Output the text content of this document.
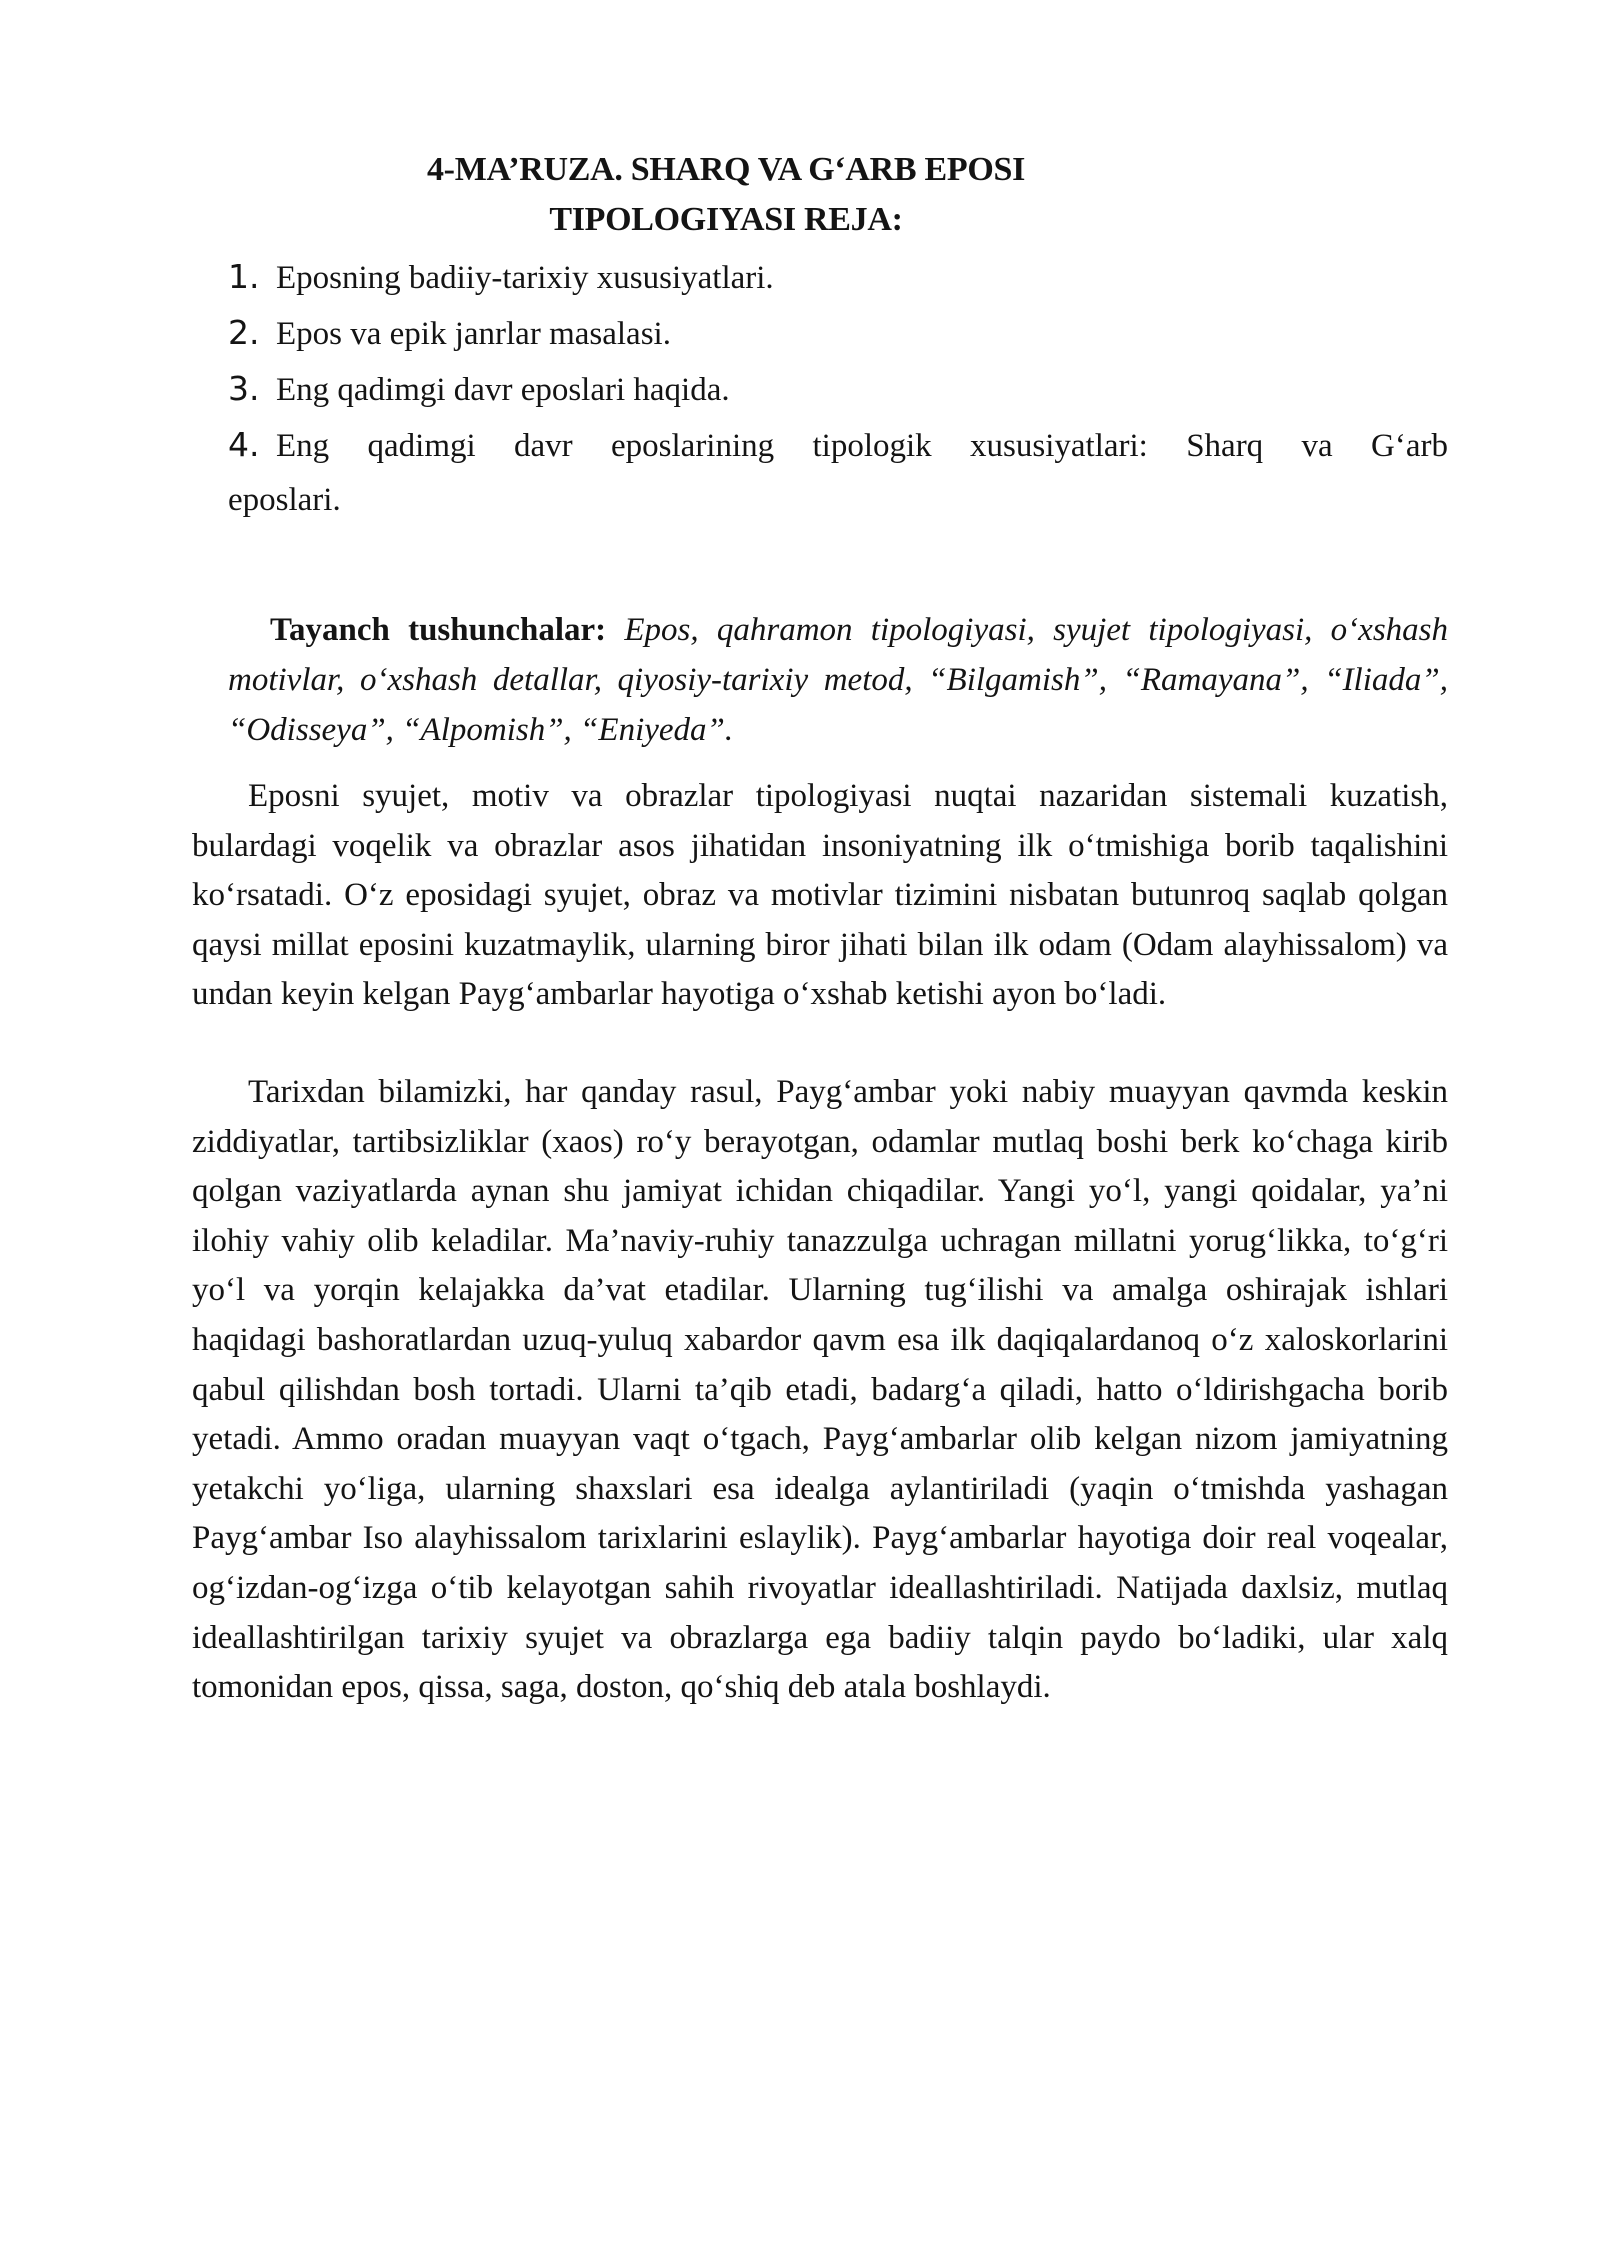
4-MA’RUZA. SHARQ VA G‘ARB EPOSI
TIPOLOGIYASI REJA:
1. Eposning badiiy-tarixiy xususiyatlari.
2. Epos va epik janrlar masalasi.
3. Eng qadimgi davr eposlari haqida.
4. Eng qadimgi davr eposlarining tipologik xususiyatlari: Sharq va G‘arb
eposlari.

Tayanch tushunchalar: Epos, qahramon tipologiyasi, syujet tipologiyasi, o‘xshash motivlar, o‘xshash detallar, qiyosiy-tarixiy metod, “Bilgamish”, “Ramayana”, “Iliada”, “Odisseya”, “Alpomish”, “Eniyeda”.

Eposni syujet, motiv va obrazlar tipologiyasi nuqtai nazaridan sistemali kuzatish, bulardagi voqelik va obrazlar asos jihatidan insoniyatning ilk o‘tmishiga borib taqalishini ko‘rsatadi. O‘z eposidagi syujet, obraz va motivlar tizimini nisbatan butunroq saqlab qolgan qaysi millat eposini kuzatmaylik, ularning biror jihati bilan ilk odam (Odam alayhissalom) va undan keyin kelgan Payg‘ambarlar hayotiga o‘xshab ketishi ayon bo‘ladi.

Tarixdan bilamizki, har qanday rasul, Payg‘ambar yoki nabiy muayyan qavmda keskin ziddiyatlar, tartibsizliklar (xaos) ro‘y berayotgan, odamlar mutlaq boshi berk ko‘chaga kirib qolgan vaziyatlarda aynan shu jamiyat ichidan chiqadilar. Yangi yo‘l, yangi qoidalar, ya’ni ilohiy vahiy olib keladilar. Ma’naviy-ruhiy tanazzulga uchragan millatni yorug‘likka, to‘g‘ri yo‘l va yorqin kelajakka da’vat etadilar. Ularning tug‘ilishi va amalga oshirajak ishlari haqidagi bashoratlardan uzuq-yuluq xabardor qavm esa ilk daqiqalardanoq o‘z xaloskorlarini qabul qilishdan bosh tortadi. Ularni ta’qib etadi, badarg‘a qiladi, hatto o‘ldirishgacha borib yetadi. Ammo oradan muayyan vaqt o‘tgach, Payg‘ambarlar olib kelgan nizom jamiyatning yetakchi yo‘liga, ularning shaxslari esa idealga aylantiriladi (yaqin o‘tmishda yashagan Payg‘ambar Iso alayhissalom tarixlarini eslaylik). Payg‘ambarlar hayotiga doir real voqealar, og‘izdan-og‘izga o‘tib kelayotgan sahih rivoyatlar ideallashtiriladi. Natijada daxlsiz, mutlaq ideallashtirilgan tarixiy syujet va obrazlarga ega badiiy talqin paydo bo‘ladiki, ular xalq tomonidan epos, qissa, saga, doston, qo‘shiq deb atala boshlaydi.
